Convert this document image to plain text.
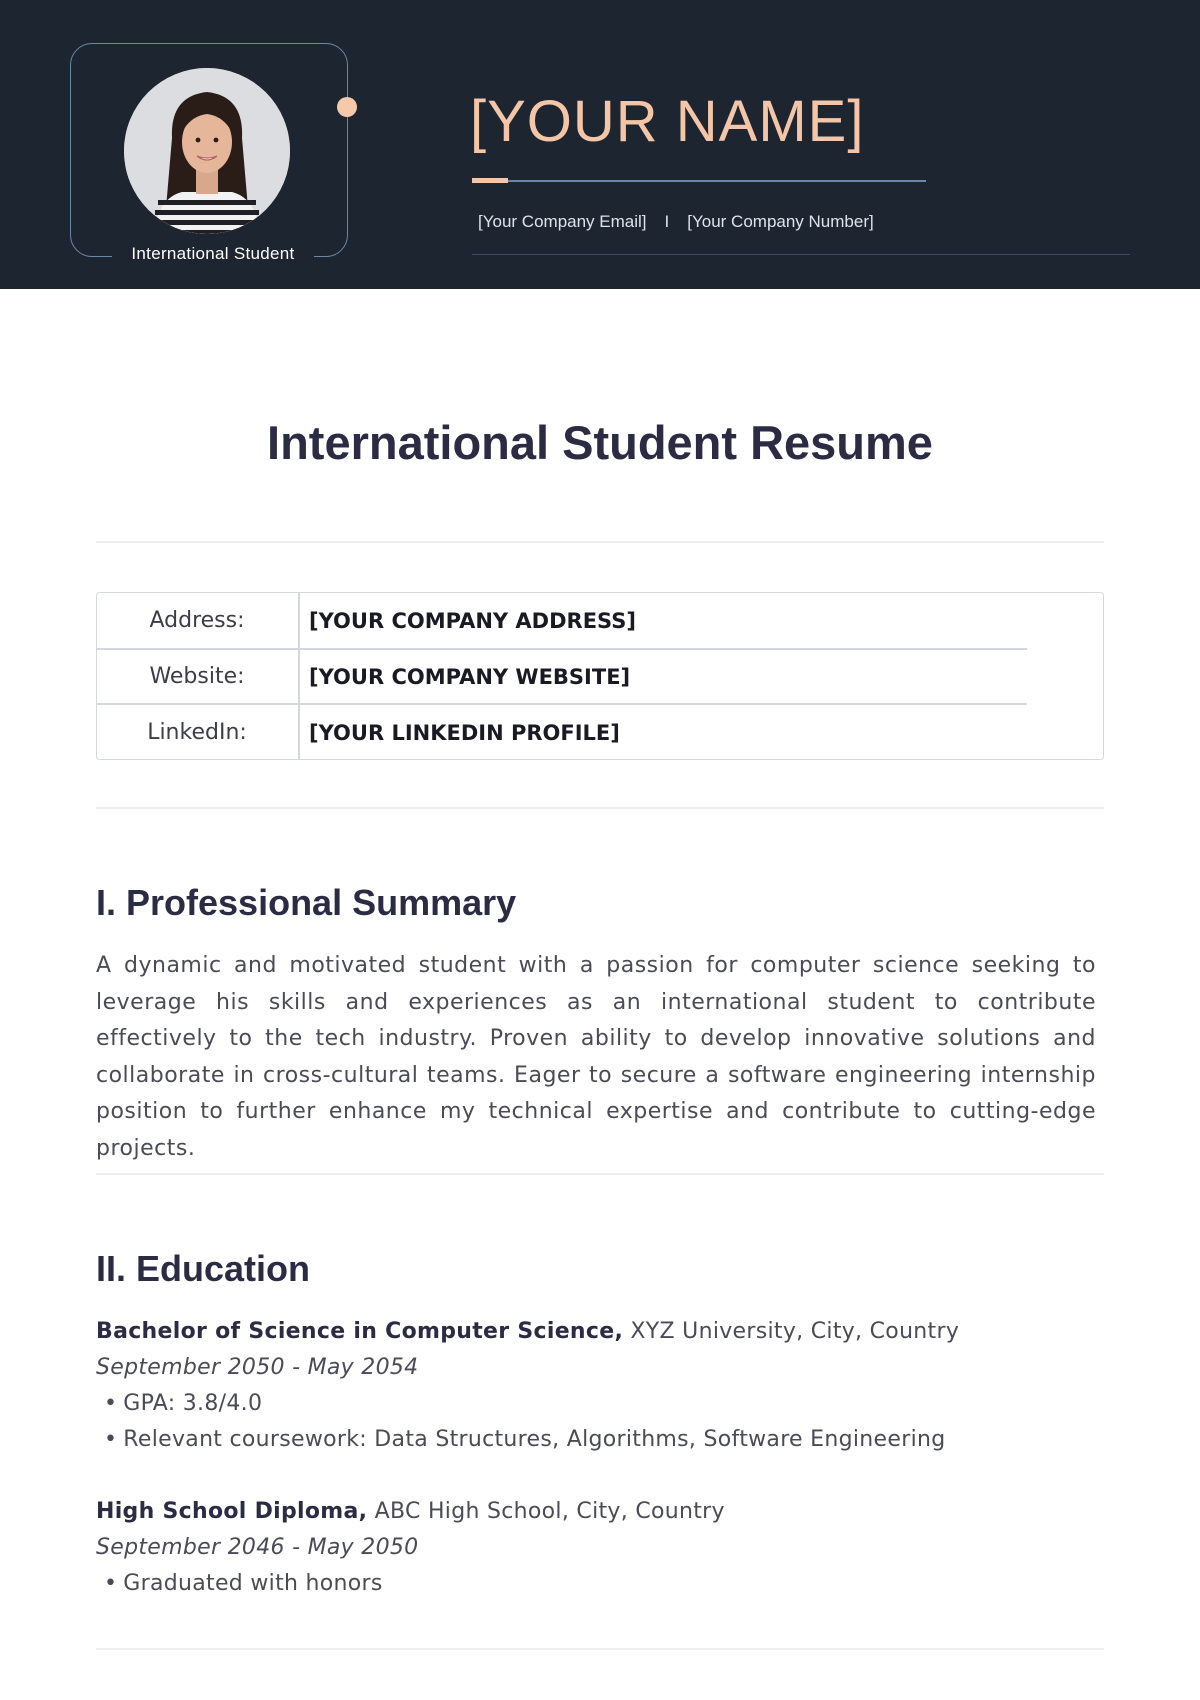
International Student
[YOUR NAME]
[Your Company Email] I [Your Company Number]
International Student Resume
Address:	[YOUR COMPANY ADDRESS]
Website:	[YOUR COMPANY WEBSITE]
LinkedIn:	[YOUR LINKEDIN PROFILE]
I. Professional Summary
A dynamic and motivated student with a passion for computer science seeking to leverage his skills and experiences as an international student to contribute effectively to the tech industry. Proven ability to develop innovative solutions and collaborate in cross-cultural teams. Eager to secure a software engineering internship position to further enhance my technical expertise and contribute to cutting-edge projects.
II. Education
Bachelor of Science in Computer Science, XYZ University, City, Country
September 2050 - May 2054
• GPA: 3.8/4.0
• Relevant coursework: Data Structures, Algorithms, Software Engineering
High School Diploma, ABC High School, City, Country
September 2046 - May 2050
• Graduated with honors
